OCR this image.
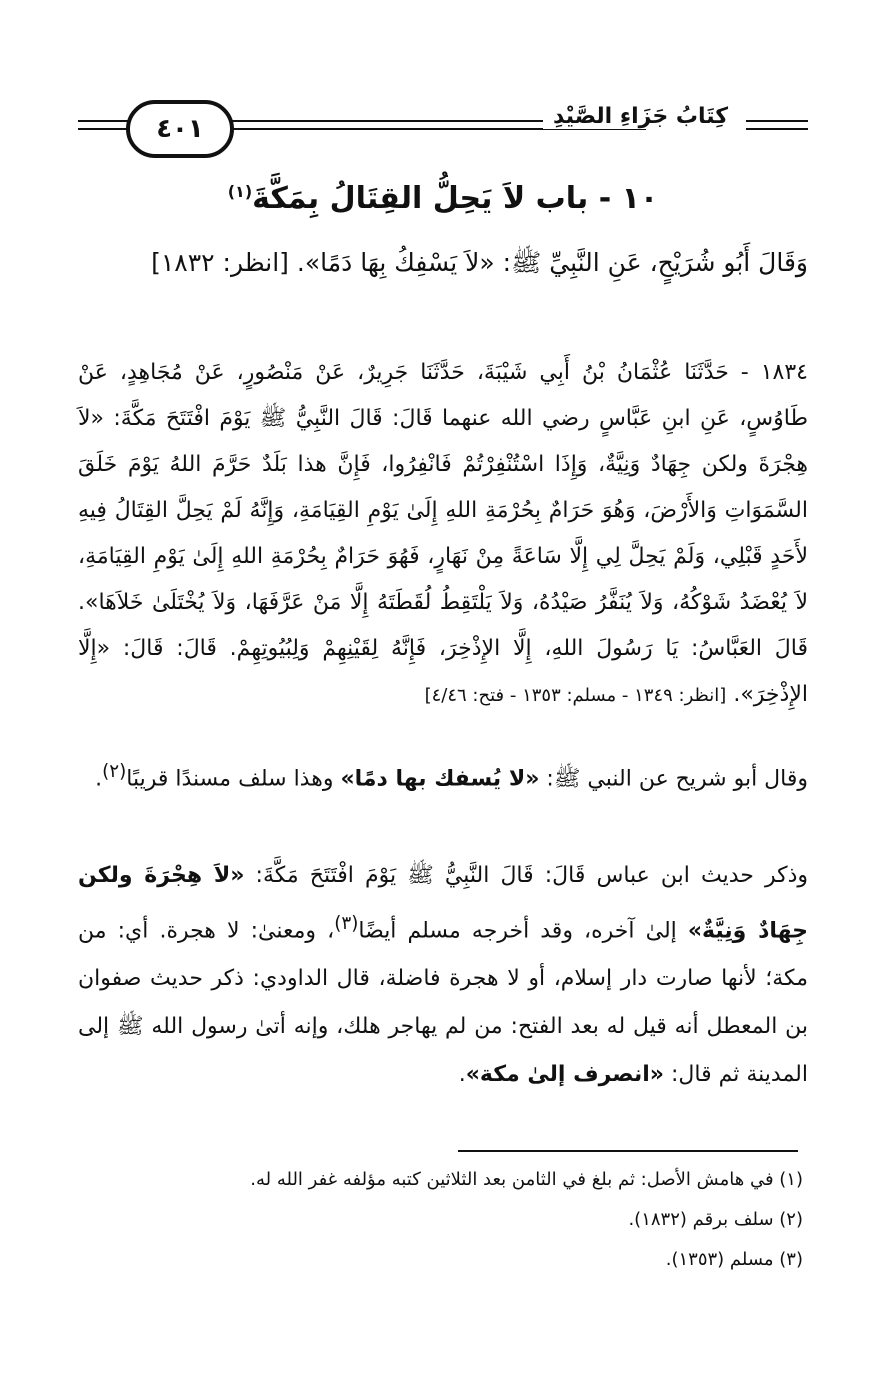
٤٠١	كِتَابُ جَزَاءِ الصَّيْدِ
١٠ - باب لاَ يَحِلُّ القِتَالُ بِمَكَّةَ$^{(١)}$
وَقَالَ أَبُو شُرَيْحٍ، عَنِ النَّبِيِّ ﷺ: «لاَ يَسْفِكُ بِهَا دَمًا». [انظر: ١٨٣٢]
١٨٣٤ - حَدَّثَنَا عُثْمَانُ بْنُ أَبِي شَيْبَةَ، حَدَّثَنَا جَرِيرٌ، عَنْ مَنْصُورٍ، عَنْ مُجَاهِدٍ، عَنْ طَاوُسٍ، عَنِ ابنِ عَبَّاسٍ رضي الله عنهما قَالَ: قَالَ النَّبِيُّ ﷺ يَوْمَ افْتَتَحَ مَكَّةَ: «لاَ هِجْرَةَ ولكن جِهَادٌ وَنِيَّةٌ، وَإِذَا اسْتُنْفِرْتُمْ فَانْفِرُوا، فَإِنَّ هذا بَلَدٌ حَرَّمَ اللهُ يَوْمَ خَلَقَ السَّمَوَاتِ وَالأَرْضَ، وَهُوَ حَرَامٌ بِحُرْمَةِ اللهِ إِلَىٰ يَوْمِ القِيَامَةِ، وَإِنَّهُ لَمْ يَحِلَّ القِتَالُ فِيهِ لأَحَدٍ قَبْلِي، وَلَمْ يَحِلَّ لِي إِلَّا سَاعَةً مِنْ نَهَارٍ، فَهُوَ حَرَامٌ بِحُرْمَةِ اللهِ إِلَىٰ يَوْمِ القِيَامَةِ، لاَ يُعْضَدُ شَوْكُهُ، وَلاَ يُنَفَّرُ صَيْدُهُ، وَلاَ يَلْتَقِطُ لُقَطَتَهُ إِلَّا مَنْ عَرَّفَهَا، وَلاَ يُخْتَلَىٰ خَلاَهَا». قَالَ العَبَّاسُ: يَا رَسُولَ اللهِ، إِلَّا الإِذْخِرَ، فَإِنَّهُ لِقَيْنِهِمْ وَلِبُيُوتِهِمْ. قَالَ: قَالَ: «إِلَّا الإِذْخِرَ». [انظر: ١٣٤٩ - مسلم: ١٣٥٣ - فتح: ٤/٤٦]
وقال أبو شريح عن النبي ﷺ: «لا يُسفك بها دمًا» وهذا سلف مسندًا قريبًا$^{(٢)}$.
وذكر حديث ابن عباس قَالَ: قَالَ النَّبِيُّ ﷺ يَوْمَ افْتَتَحَ مَكَّةَ: «لاَ هِجْرَةَ ولكن جِهَادٌ وَنِيَّةٌ» إلىٰ آخره، وقد أخرجه مسلم أيضًا$^{(٣)}$، ومعنىٰ: لا هجرة. أي: من مكة؛ لأنها صارت دار إسلام، أو لا هجرة فاضلة، قال الداودي: ذكر حديث صفوان بن المعطل أنه قيل له بعد الفتح: من لم يهاجر هلك، وإنه أتىٰ رسول الله ﷺ إلى المدينة ثم قال: «انصرف إلىٰ مكة».
(١) في هامش الأصل: ثم بلغ في الثامن بعد الثلاثين كتبه مؤلفه غفر الله له.
(٢) سلف برقم (١٨٣٢).
(٣) مسلم (١٣٥٣).
